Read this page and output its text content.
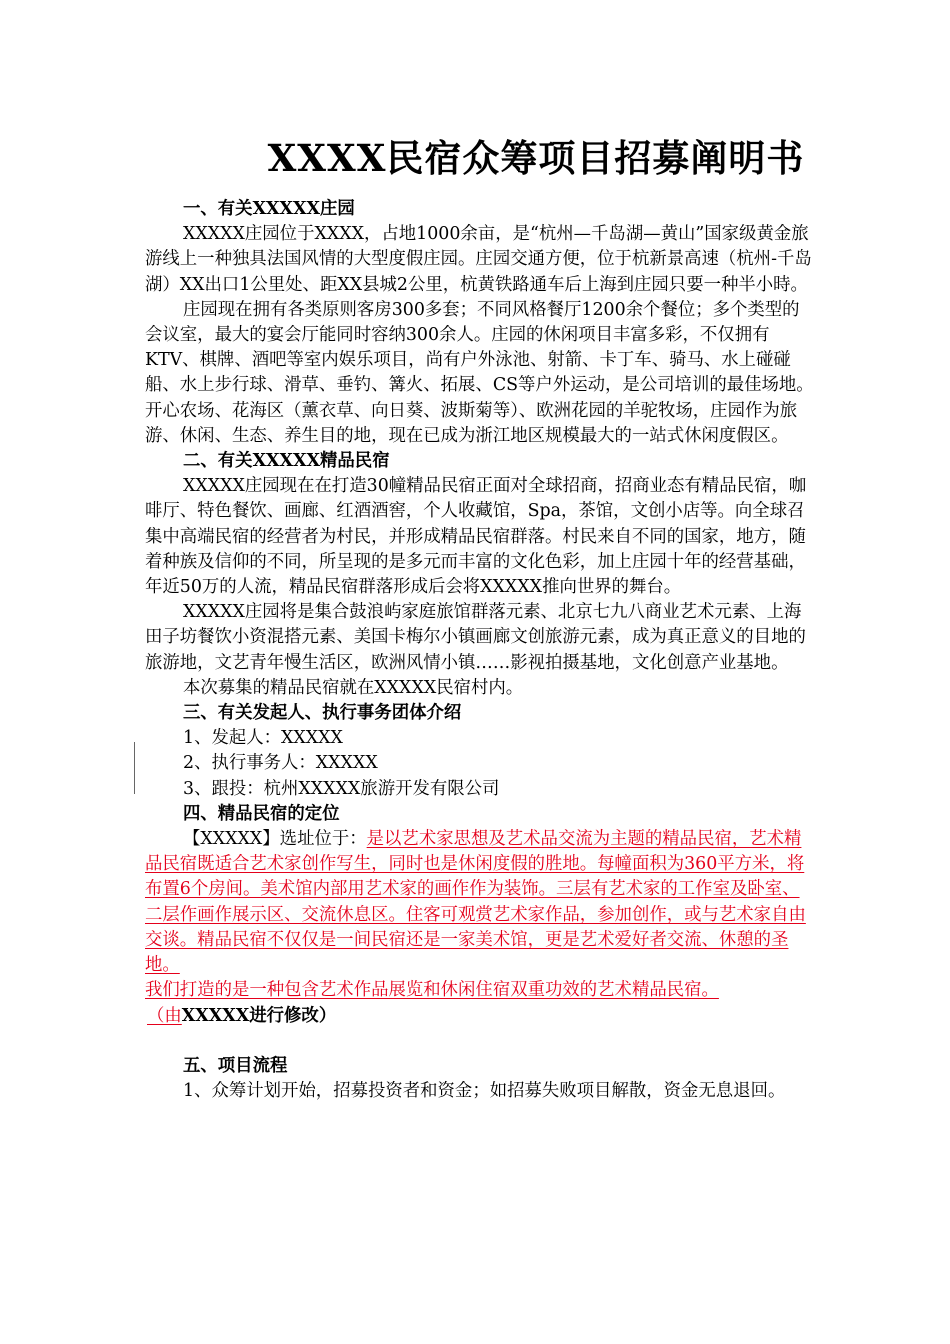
XXXX民宿众筹项目招募阐明书

一、有关XXXXX庄园

XXXXX庄园位于XXXX，占地1000余亩，是“杭州—千岛湖—黄山”国家级黄金旅游线上一种独具法国风情的大型度假庄园。庄园交通方便，位于杭新景高速（杭州-千岛湖）XX出口1公里处、距XX县城2公里，杭黄铁路通车后上海到庄园只要一种半小時。

庄园现在拥有各类原则客房300多套；不同风格餐厅1200余个餐位；多个类型的会议室，最大的宴会厅能同时容纳300余人。庄园的休闲项目丰富多彩，不仅拥有KTV、棋牌、酒吧等室内娱乐项目，尚有户外泳池、射箭、卡丁车、骑马、水上碰碰船、水上步行球、滑草、垂钓、篝火、拓展、CS等户外运动，是公司培训的最佳场地。开心农场、花海区（薰衣草、向日葵、波斯菊等）、欧洲花园的羊驼牧场，庄园作为旅游、休闲、生态、养生目的地，现在已成为浙江地区规模最大的一站式休闲度假区。

二、有关XXXXX精品民宿

XXXXX庄园现在在打造30幢精品民宿正面对全球招商，招商业态有精品民宿，咖啡厅、特色餐饮、画廊、红酒酒窖，个人收藏馆，Spa，茶馆，文创小店等。向全球召集中高端民宿的经营者为村民，并形成精品民宿群落。村民来自不同的国家，地方，随着种族及信仰的不同，所呈现的是多元而丰富的文化色彩，加上庄园十年的经营基础，年近50万的人流，精品民宿群落形成后会将XXXXX推向世界的舞台。

XXXXX庄园将是集合鼓浪屿家庭旅馆群落元素、北京七九八商业艺术元素、上海田子坊餐饮小资混搭元素、美国卡梅尔小镇画廊文创旅游元素，成为真正意义的目地的旅游地，文艺青年慢生活区，欧洲风情小镇……影视拍摄基地，文化创意产业基地。

本次募集的精品民宿就在XXXXX民宿村内。

三、有关发起人、执行事务团体介绍

1、发起人：XXXXX

2、执行事务人：XXXXX

3、跟投：杭州XXXXX旅游开发有限公司

四、精品民宿的定位

【XXXXX】选址位于：是以艺术家思想及艺术品交流为主题的精品民宿，艺术精品民宿既适合艺术家创作写生，同时也是休闲度假的胜地。每幢面积为360平方米，将布置6个房间。美术馆内部用艺术家的画作作为装饰。三层有艺术家的工作室及卧室、二层作画作展示区、交流休息区。住客可观赏艺术家作品，参加创作，或与艺术家自由交谈。精品民宿不仅仅是一间民宿还是一家美术馆，更是艺术爱好者交流、休憩的圣地。

我们打造的是一种包含艺术作品展览和休闲住宿双重功效的艺术精品民宿。

（由XXXXX进行修改）

五、项目流程

1、众筹计划开始，招募投资者和资金；如招募失败项目解散，资金无息退回。
